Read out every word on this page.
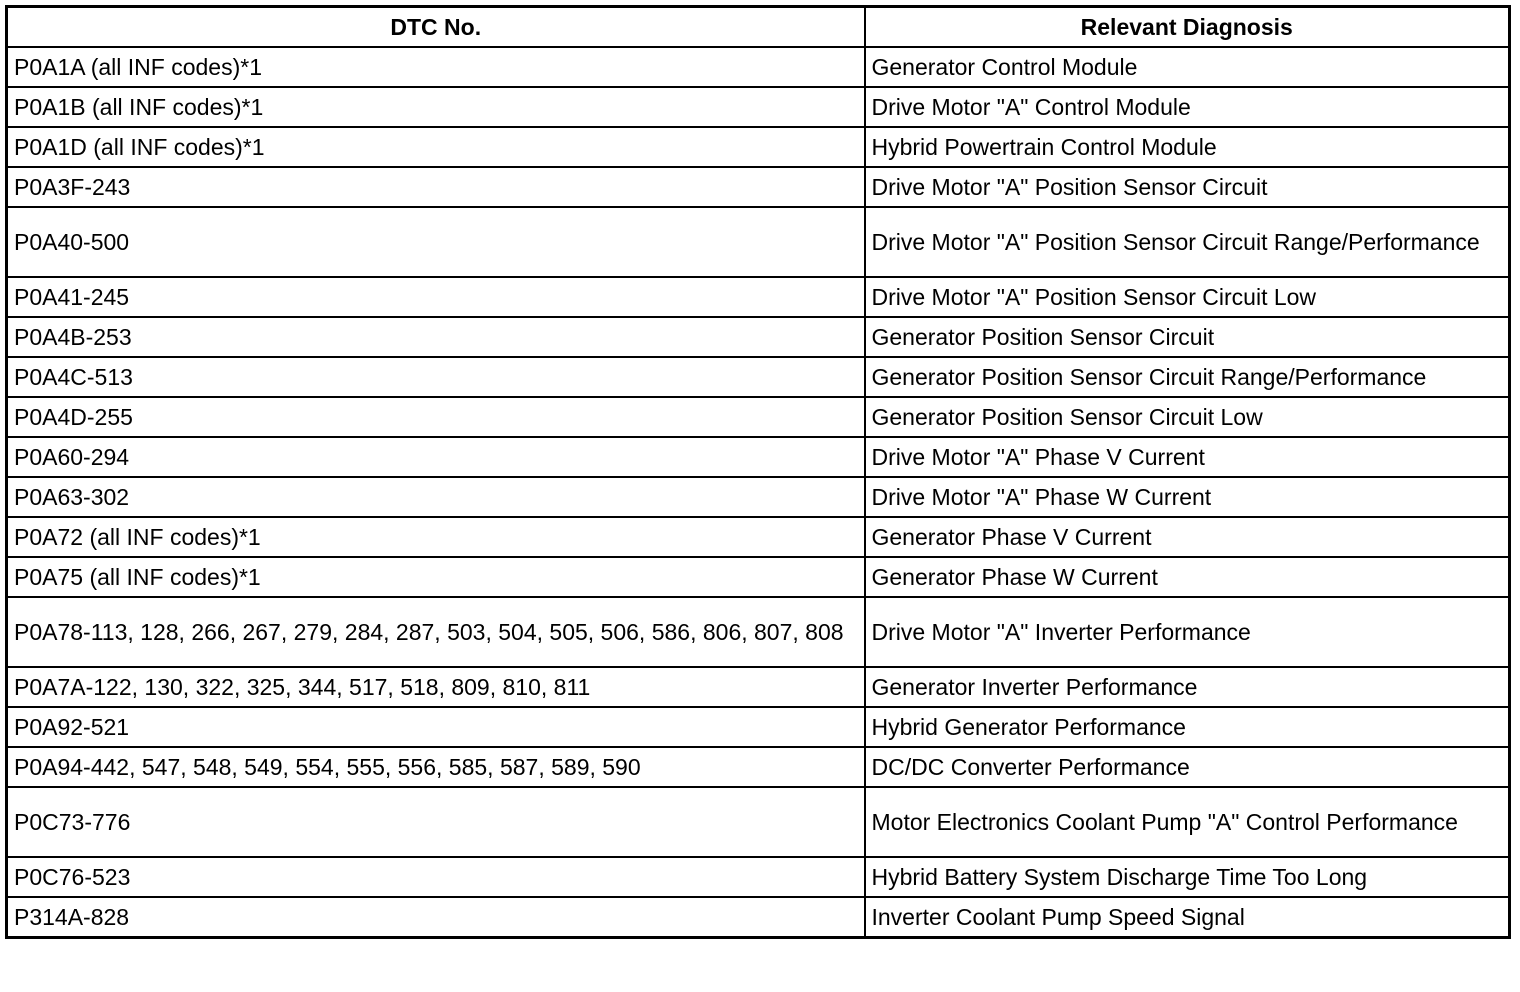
DTC No.	Relevant Diagnosis
P0A1A (all INF codes)*1	Generator Control Module
P0A1B (all INF codes)*1	Drive Motor "A" Control Module
P0A1D (all INF codes)*1	Hybrid Powertrain Control Module
P0A3F-243	Drive Motor "A" Position Sensor Circuit
P0A40-500	Drive Motor "A" Position Sensor Circuit Range/Performance
P0A41-245	Drive Motor "A" Position Sensor Circuit Low
P0A4B-253	Generator Position Sensor Circuit
P0A4C-513	Generator Position Sensor Circuit Range/Performance
P0A4D-255	Generator Position Sensor Circuit Low
P0A60-294	Drive Motor "A" Phase V Current
P0A63-302	Drive Motor "A" Phase W Current
P0A72 (all INF codes)*1	Generator Phase V Current
P0A75 (all INF codes)*1	Generator Phase W Current
P0A78-113, 128, 266, 267, 279, 284, 287, 503, 504, 505, 506, 586, 806, 807, 808	Drive Motor "A" Inverter Performance
P0A7A-122, 130, 322, 325, 344, 517, 518, 809, 810, 811	Generator Inverter Performance
P0A92-521	Hybrid Generator Performance
P0A94-442, 547, 548, 549, 554, 555, 556, 585, 587, 589, 590	DC/DC Converter Performance
P0C73-776	Motor Electronics Coolant Pump "A" Control Performance
P0C76-523	Hybrid Battery System Discharge Time Too Long
P314A-828	Inverter Coolant Pump Speed Signal
